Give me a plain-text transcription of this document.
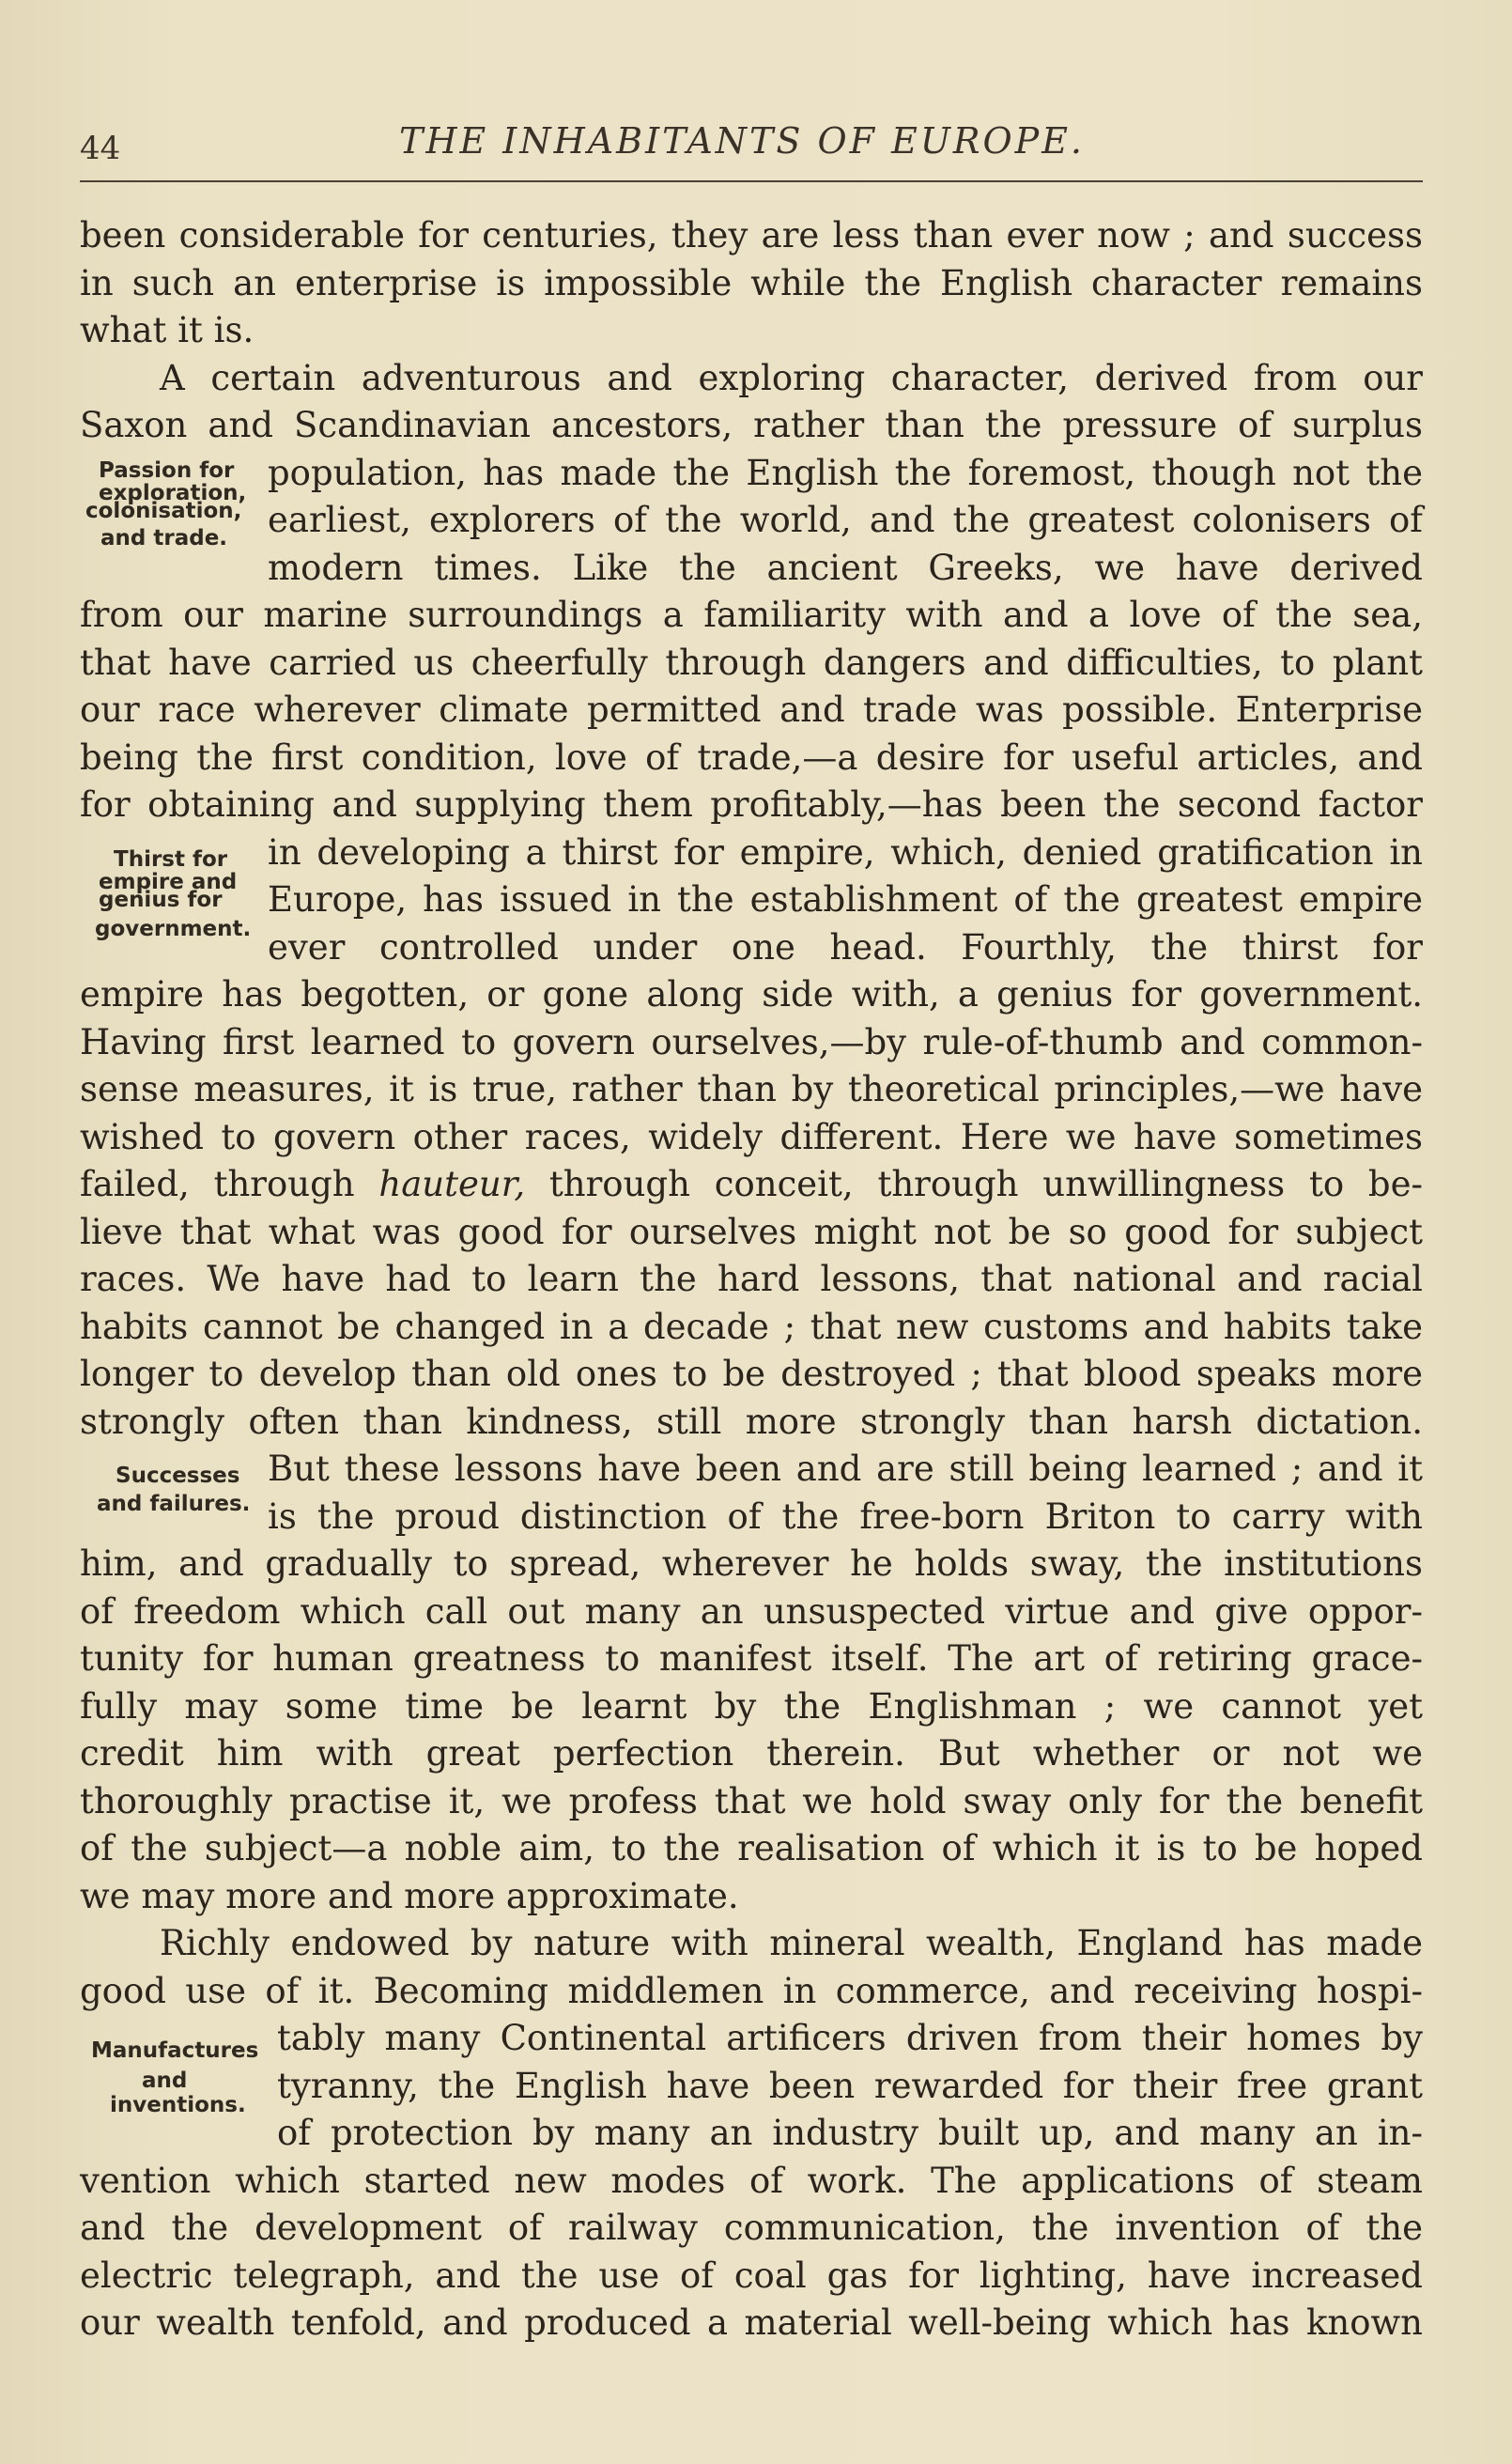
44	THE INHABITANTS OF EUROPE.
Passion for
exploration,
colonisation,
and trade.
Thirst for
empire and
genius for
government.
Successes
and failures.
Manufactures
and
inventions.
been considerable for centuries, they are less than ever now ; and success
in such an enterprise is impossible while the English character remains
what it is.
A certain adventurous and exploring character, derived from our
Saxon and Scandinavian ancestors, rather than the pressure of surplus
population, has made the English the foremost, though not the
earliest, explorers of the world, and the greatest colonisers of
modern times. Like the ancient Greeks, we have derived
from our marine surroundings a familiarity with and a love of the sea,
that have carried us cheerfully through dangers and difficulties, to plant
our race wherever climate permitted and trade was possible. Enterprise
being the first condition, love of trade,—a desire for useful articles, and
for obtaining and supplying them profitably,—has been the second factor
in developing a thirst for empire, which, denied gratification in
Europe, has issued in the establishment of the greatest empire
ever controlled under one head. Fourthly, the thirst for
empire has begotten, or gone along side with, a genius for government.
Having first learned to govern ourselves,—by rule-of-thumb and common-
sense measures, it is true, rather than by theoretical principles,—we have
wished to govern other races, widely different. Here we have sometimes
failed, through hauteur, through conceit, through unwillingness to be-
lieve that what was good for ourselves might not be so good for subject
races. We have had to learn the hard lessons, that national and racial
habits cannot be changed in a decade ; that new customs and habits take
longer to develop than old ones to be destroyed ; that blood speaks more
strongly often than kindness, still more strongly than harsh dictation.
But these lessons have been and are still being learned ; and it
is the proud distinction of the free-born Briton to carry with
him, and gradually to spread, wherever he holds sway, the institutions
of freedom which call out many an unsuspected virtue and give oppor-
tunity for human greatness to manifest itself. The art of retiring grace-
fully may some time be learnt by the Englishman ; we cannot yet
credit him with great perfection therein. But whether or not we
thoroughly practise it, we profess that we hold sway only for the benefit
of the subject—a noble aim, to the realisation of which it is to be hoped
we may more and more approximate.
Richly endowed by nature with mineral wealth, England has made
good use of it. Becoming middlemen in commerce, and receiving hospi-
tably many Continental artificers driven from their homes by
tyranny, the English have been rewarded for their free grant
of protection by many an industry built up, and many an in-
vention which started new modes of work. The applications of steam
and the development of railway communication, the invention of the
electric telegraph, and the use of coal gas for lighting, have increased
our wealth tenfold, and produced a material well-being which has known
